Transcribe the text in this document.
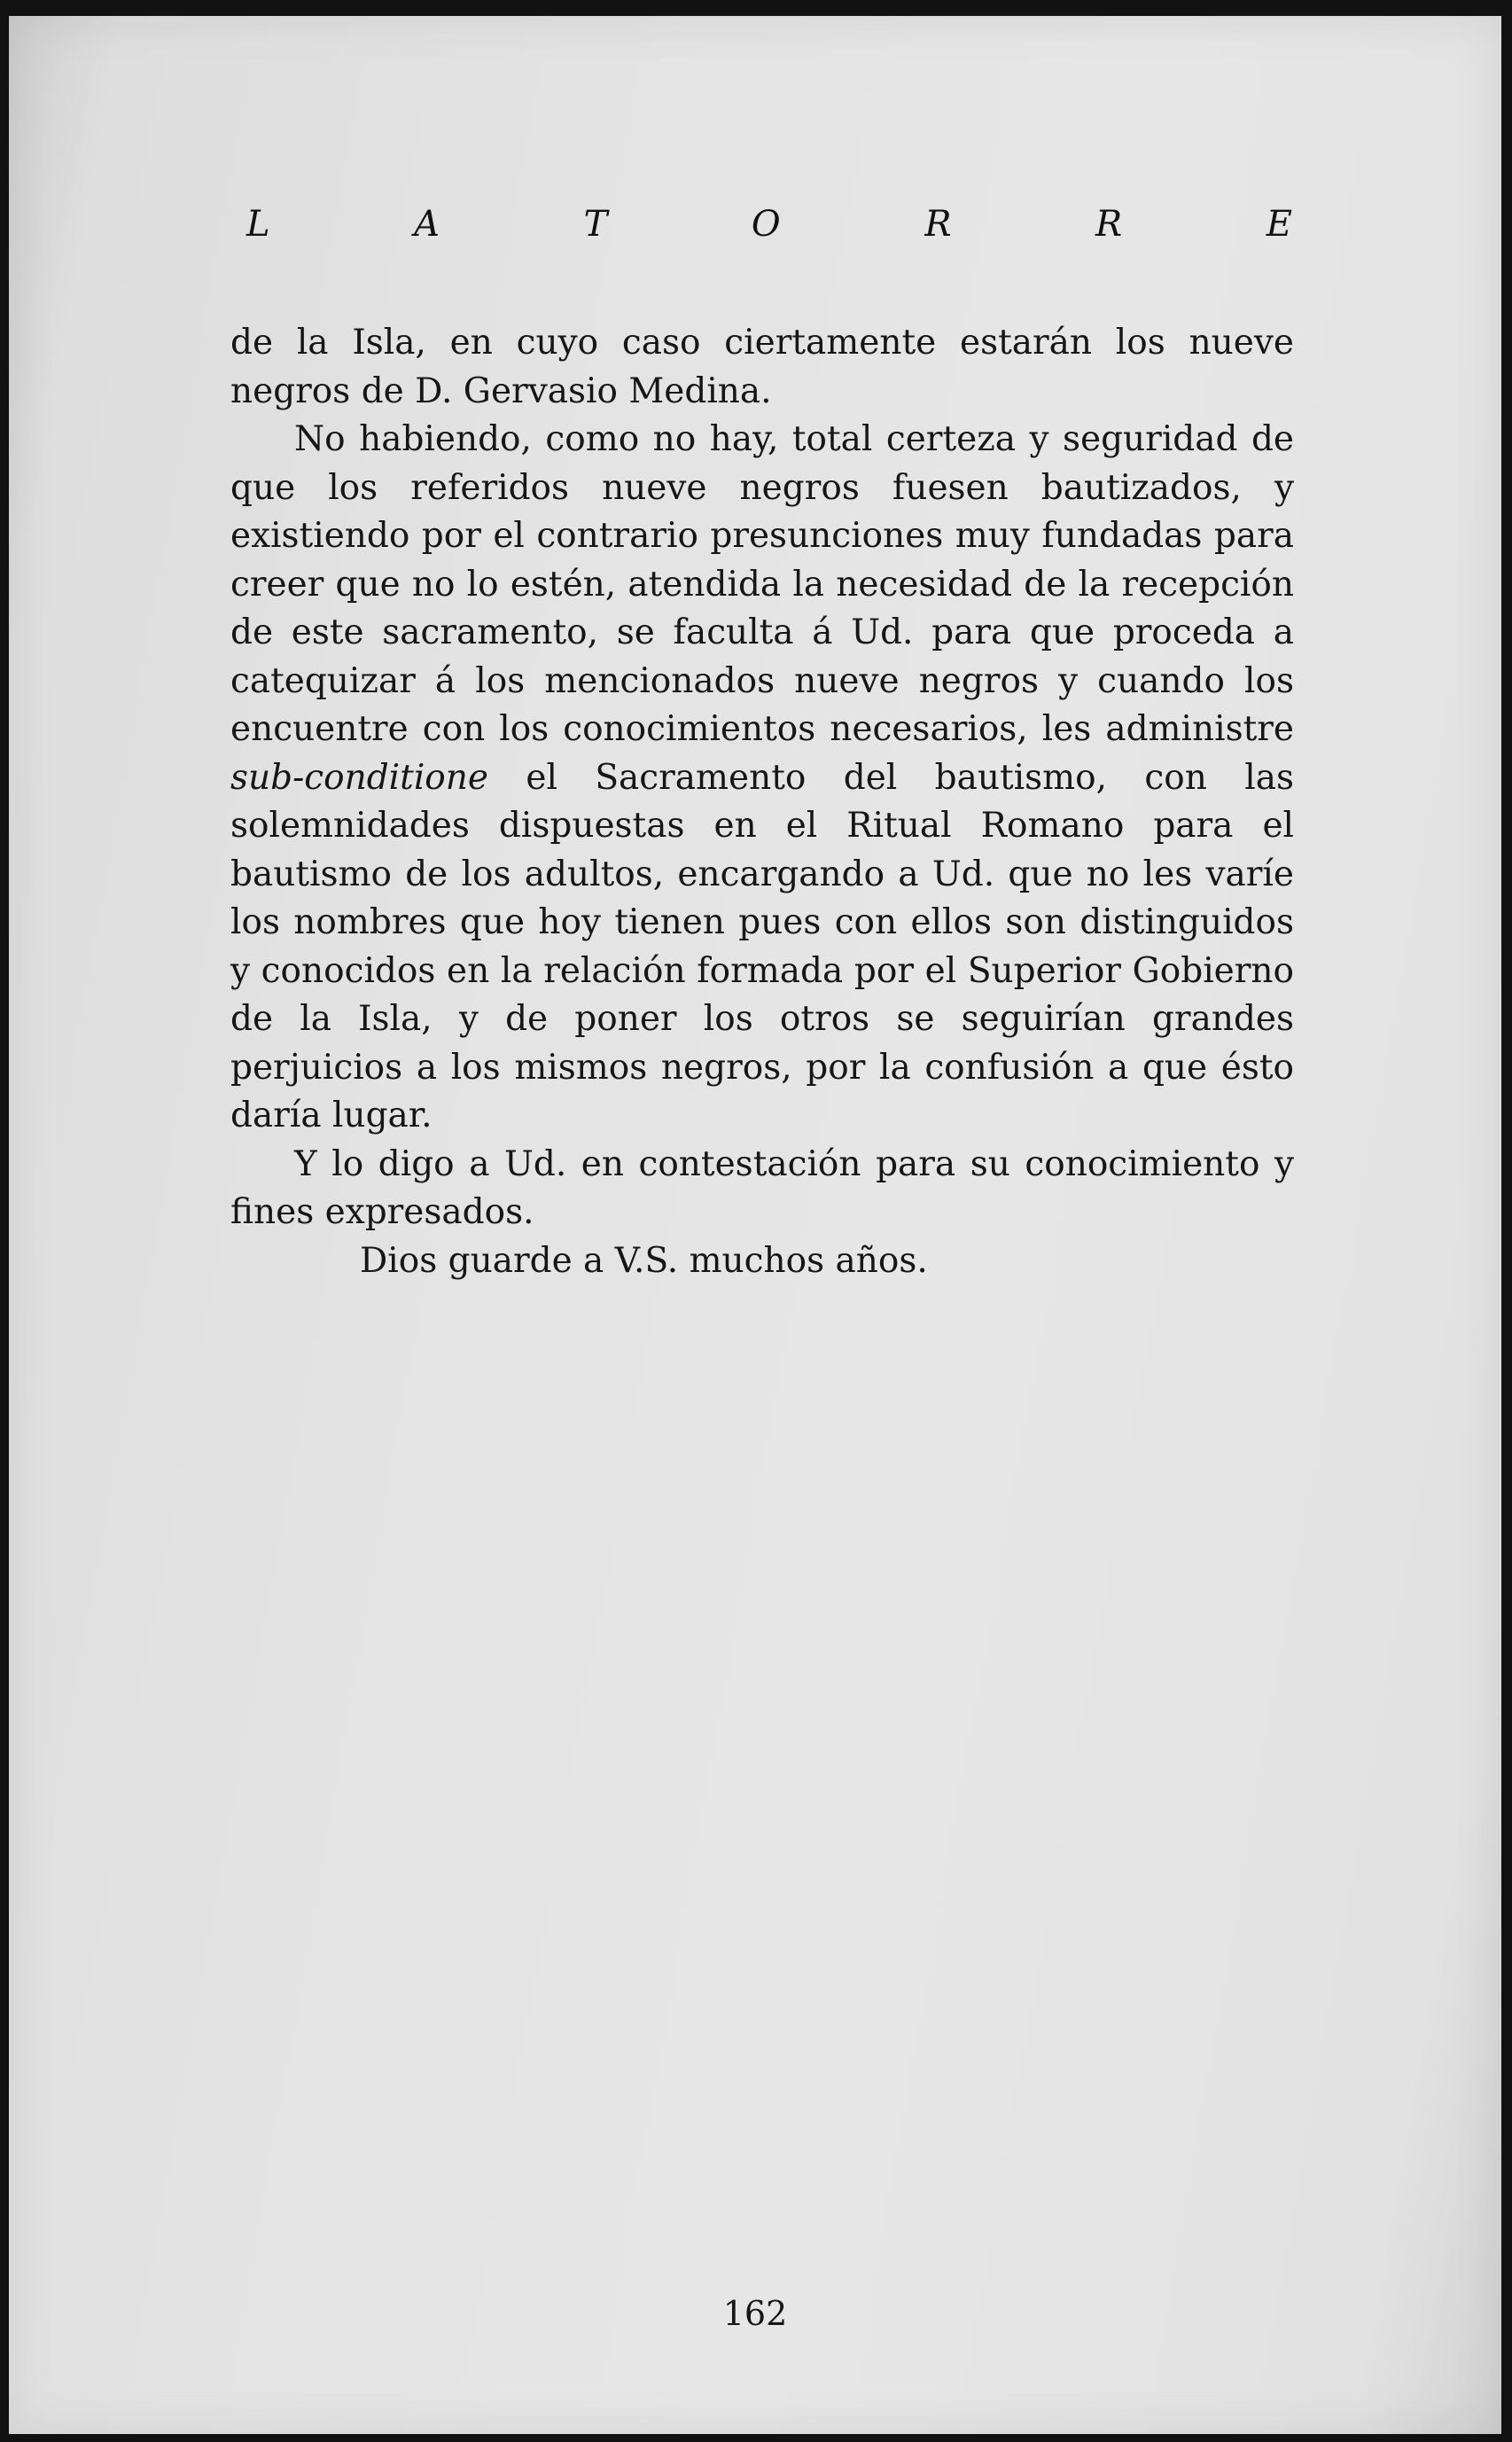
L	A	T	O	R	R	E

de la Isla, en cuyo caso ciertamente estarán los nueve negros de D. Gervasio Medina.

No habiendo, como no hay, total certeza y seguridad de que los referidos nueve negros fuesen bautizados, y existiendo por el contrario presunciones muy fundadas para creer que no lo estén, atendida la necesidad de la recepción de este sacramento, se faculta á Ud. para que proceda a catequizar á los mencionados nueve negros y cuando los encuentre con los conocimientos necesarios, les administre sub-conditione el Sacramento del bautismo, con las solemnidades dispuestas en el Ritual Romano para el bautismo de los adultos, encargando a Ud. que no les varíe los nombres que hoy tienen pues con ellos son distinguidos y conocidos en la relación formada por el Superior Gobierno de la Isla, y de poner los otros se seguirían grandes perjuicios a los mismos negros, por la confusión a que ésto daría lugar.

Y lo digo a Ud. en contestación para su conocimiento y fines expresados.

Dios guarde a V.S. muchos años.

162
